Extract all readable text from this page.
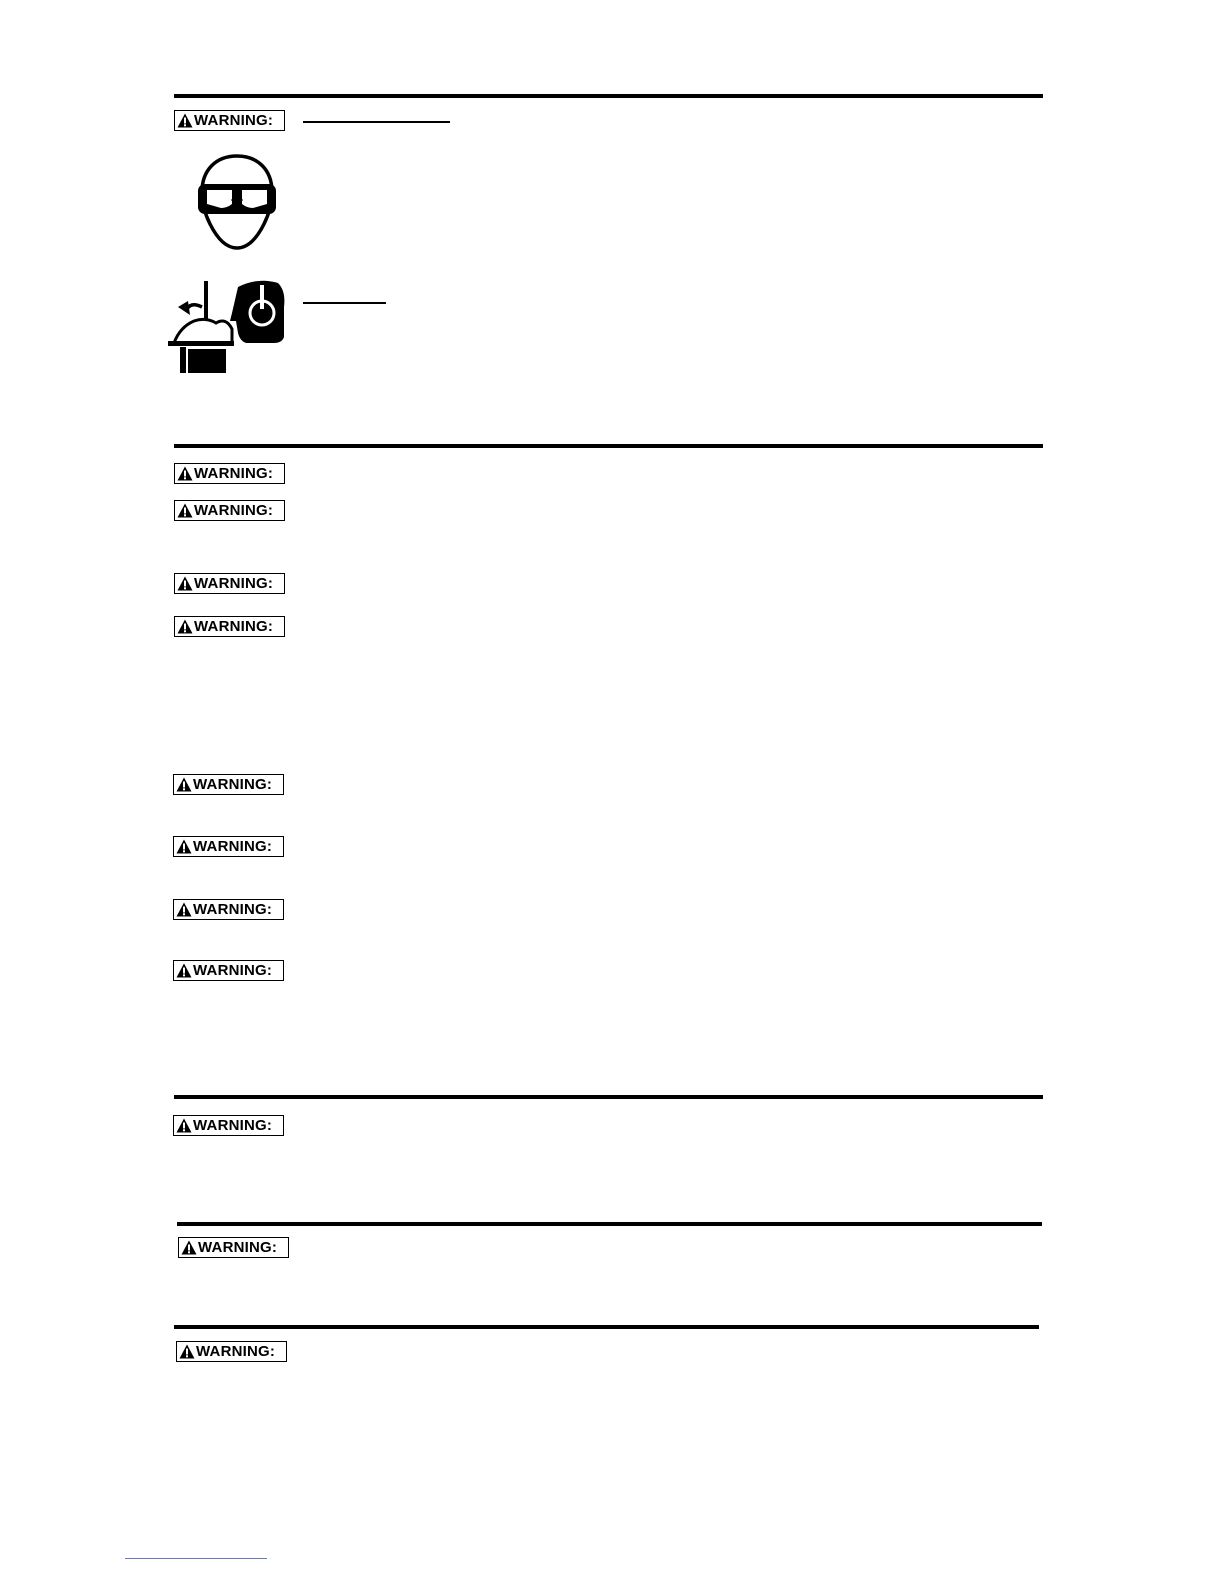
WARNING:
WARNING:
WARNING:
WARNING:
WARNING:
WARNING:
WARNING:
WARNING:
WARNING:
WARNING:
WARNING:
WARNING:
